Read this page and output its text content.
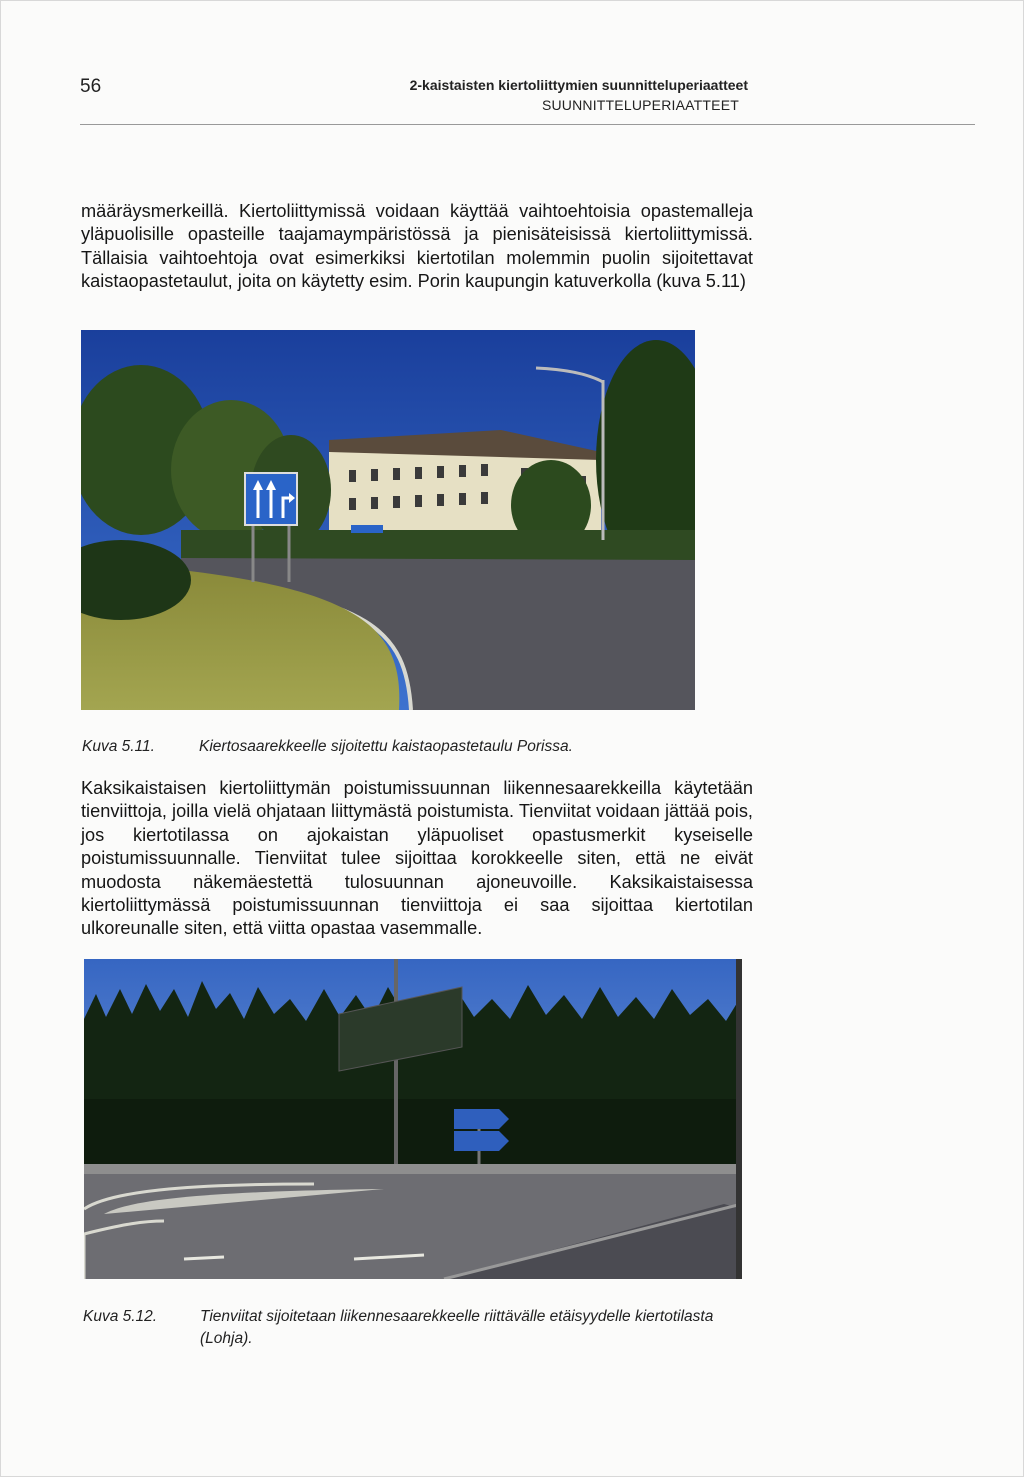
56	2-kaistaisten kiertoliittymien suunnitteluperiaatteet
SUUNNITTELUPERIAATTEET

määräysmerkeillä. Kiertoliittymissä voidaan käyttää vaihtoehtoisia opastemalleja yläpuolisille opasteille taajamaympäristössä ja pienisäteisissä kiertoliittymissä. Tällaisia vaihtoehtoja ovat esimerkiksi kiertotilan molemmin puolin sijoitettavat kaistaopastetaulut, joita on käytetty esim. Porin kaupungin katuverkolla (kuva 5.11)

Kuva 5.11.	Kiertosaarekkeelle sijoitettu kaistaopastetaulu Porissa.

Kaksikaistaisen kiertoliittymän poistumissuunnan liikennesaarekkeilla käytetään tienviittoja, joilla vielä ohjataan liittymästä poistumista. Tienviitat voidaan jättää pois, jos kiertotilassa on ajokaistan yläpuoliset opastusmerkit kyseiselle poistumissuunnalle. Tienviitat tulee sijoittaa korokkeelle siten, että ne eivät muodosta näkemäestettä tulosuunnan ajoneuvoille. Kaksikaistaisessa kiertoliittymässä poistumissuunnan tienviittoja ei saa sijoittaa kiertotilan ulkoreunalle siten, että viitta opastaa vasemmalle.

Kuva 5.12.	Tienviitat sijoitetaan liikennesaarekkeelle riittävälle etäisyydelle kiertotilasta (Lohja).
